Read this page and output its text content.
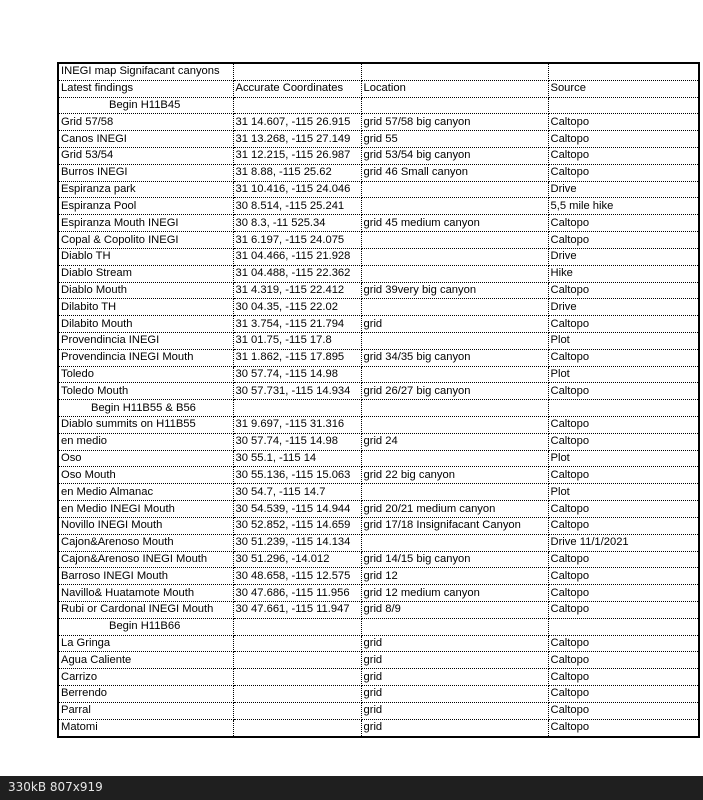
INEGI map Signifacant canyons			
Latest findings	Accurate Coordinates	Location	Source
Begin H11B45			
Grid 57/58	31 14.607, -115 26.915	grid 57/58 big canyon	Caltopo
Canos INEGI	31 13.268, -115 27.149	grid 55	Caltopo
Grid 53/54	31 12.215, -115 26.987	grid 53/54 big canyon	Caltopo
Burros INEGI	31 8.88, -115 25.62	grid 46 Small canyon	Caltopo
Espiranza park	31 10.416, -115 24.046		Drive
Espiranza Pool	30 8.514, -115 25.241		5,5 mile hike
Espiranza Mouth INEGI	30 8.3, -11 525.34	grid 45 medium canyon	Caltopo
Copal & Copolito INEGI	31 6.197, -115 24.075		Caltopo
Diablo TH	31 04.466, -115 21.928		Drive
Diablo Stream	31 04.488, -115 22.362		Hike
Diablo Mouth	31 4.319, -115 22.412	grid 39very big canyon	Caltopo
Dilabito TH	30 04.35, -115 22.02		Drive
Dilabito Mouth	31 3.754, -115 21.794	grid	Caltopo
Provendincia INEGI	31 01.75, -115 17.8		Plot
Provendincia INEGI Mouth	31 1.862, -115 17.895	grid 34/35 big canyon	Caltopo
Toledo	30 57.74, -115 14.98		Plot
Toledo Mouth	30 57.731, -115 14.934	grid 26/27 big canyon	Caltopo
Begin H11B55 & B56			
Diablo summits on H11B55	31 9.697, -115 31.316		Caltopo
en medio	30 57.74, -115 14.98	grid 24	Caltopo
Oso	30 55.1, -115 14		Plot
Oso Mouth	30 55.136, -115 15.063	grid 22 big canyon	Caltopo
en Medio Almanac	30 54.7, -115 14.7		Plot
en Medio INEGI Mouth	30 54.539, -115 14.944	grid 20/21 medium canyon	Caltopo
Novillo INEGI Mouth	30 52.852, -115 14.659	grid 17/18 Insignifacant Canyon	Caltopo
Cajon&Arenoso Mouth	30 51.239, -115 14.134		Drive 11/1/2021
Cajon&Arenoso INEGI Mouth	30 51.296, -14.012	grid 14/15 big canyon	Caltopo
Barroso INEGI Mouth	30 48.658, -115 12.575	grid 12	Caltopo
Navillo& Huatamote Mouth	30 47.686, -115 11.956	grid 12 medium canyon	Caltopo
Rubi or Cardonal INEGI Mouth	30 47.661, -115 11.947	grid 8/9	Caltopo
Begin H11B66			
La Gringa		grid	Caltopo
Agua Caliente		grid	Caltopo
Carrizo		grid	Caltopo
Berrendo		grid	Caltopo
Parral		grid	Caltopo
Matomi		grid	Caltopo
330kB 807x919
